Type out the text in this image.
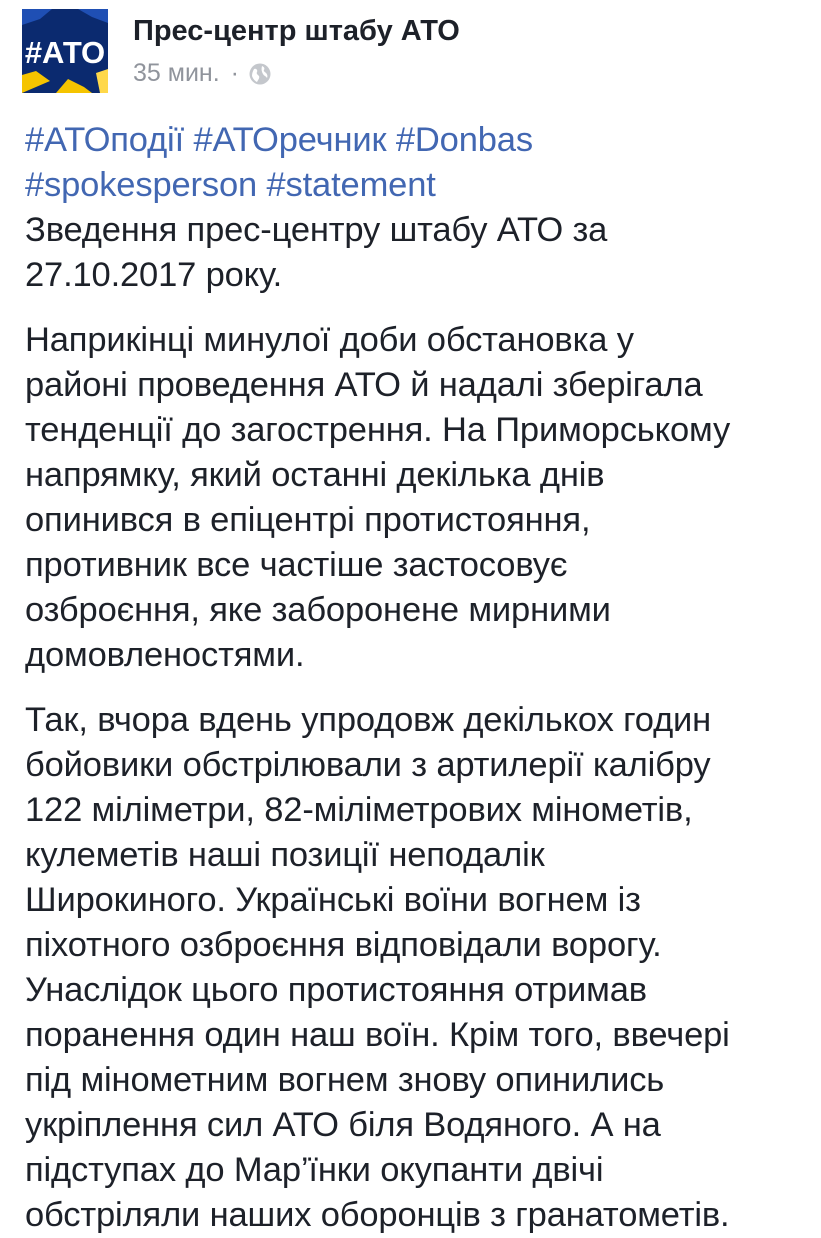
#АТО
Прес-центр штабу АТО
35 мин. ·

#АТОподії #АТОречник #Donbas
#spokesperson #statement

Зведення прес-центру штабу АТО за
27.10.2017 року.

Наприкінці минулої доби обстановка у
районі проведення АТО й надалі зберігала
тенденції до загострення. На Приморському
напрямку, який останні декілька днів
опинився в епіцентрі протистояння,
противник все частіше застосовує
озброєння, яке заборонене мирними
домовленостями.

Так, вчора вдень упродовж декількох годин
бойовики обстрілювали з артилерії калібру
122 міліметри, 82-міліметрових мінометів,
кулеметів наші позиції неподалік
Широкиного. Українські воїни вогнем із
піхотного озброєння відповідали ворогу.
Унаслідок цього протистояння отримав
поранення один наш воїн. Крім того, ввечері
під мінометним вогнем знову опинились
укріплення сил АТО біля Водяного. А на
підступах до Мар’їнки окупанти двічі
обстріляли наших оборонців з гранатометів.
